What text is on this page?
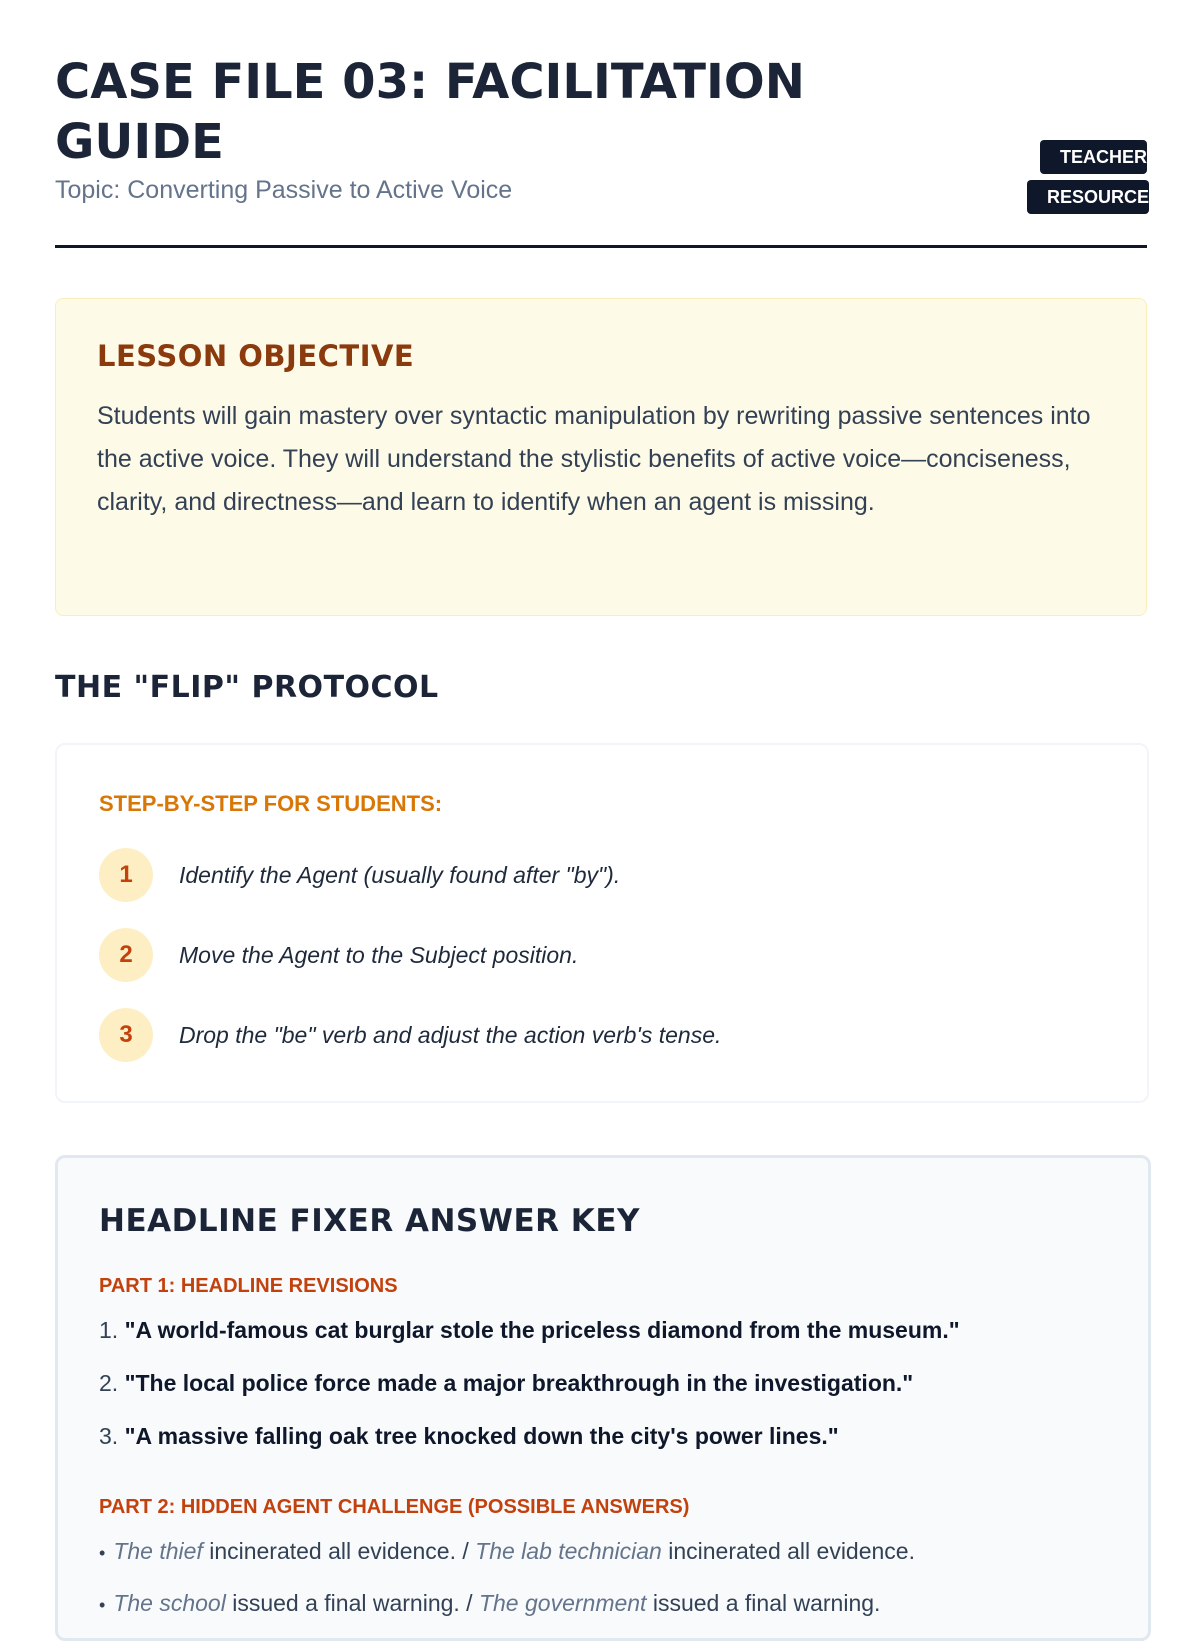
CASE FILE 03: FACILITATION GUIDE
Topic: Converting Passive to Active Voice
TEACHER RESOURCE
LESSON OBJECTIVE

Students will gain mastery over syntactic manipulation by rewriting passive sentences into the active voice. They will understand the stylistic benefits of active voice—conciseness, clarity, and directness—and learn to identify when an agent is missing.

THE "FLIP" PROTOCOL
STEP-BY-STEP FOR STUDENTS:
1	Identify the Agent (usually found after "by").
2	Move the Agent to the Subject position.
3	Drop the "be" verb and adjust the action verb's tense.
HEADLINE FIXER ANSWER KEY
PART 1: HEADLINE REVISIONS
1. "A world-famous cat burglar stole the priceless diamond from the museum."
2. "The local police force made a major breakthrough in the investigation."
3. "A massive falling oak tree knocked down the city's power lines."
PART 2: HIDDEN AGENT CHALLENGE (POSSIBLE ANSWERS)
• The thief incinerated all evidence. / The lab technician incinerated all evidence.
• The school issued a final warning. / The government issued a final warning.
